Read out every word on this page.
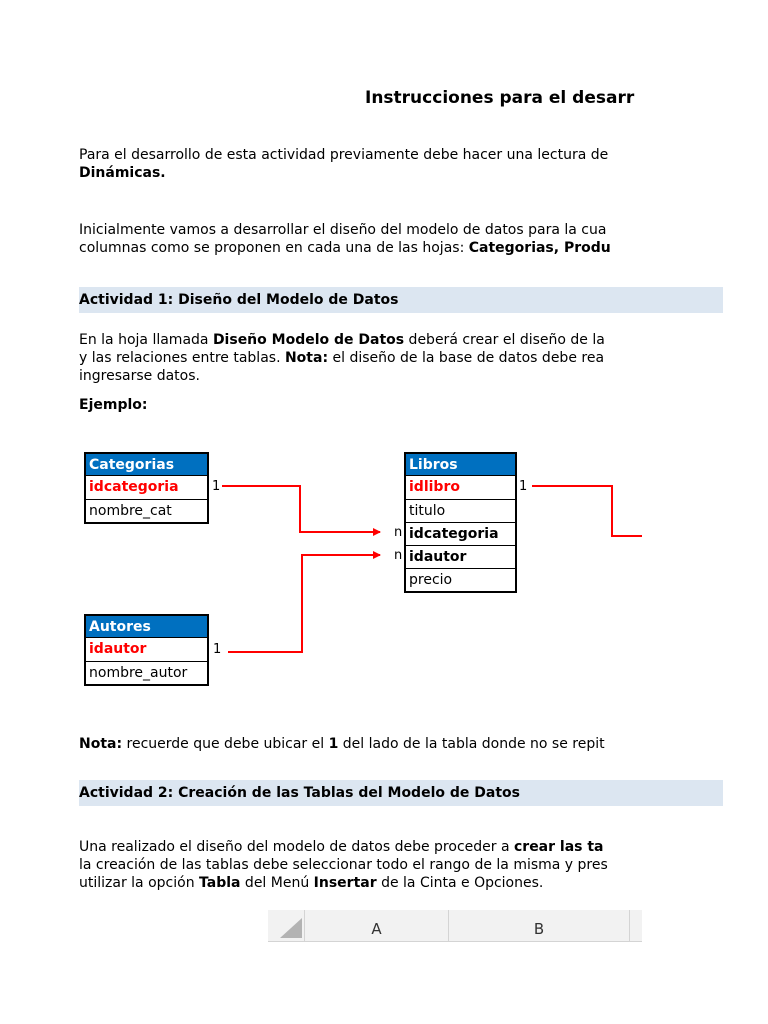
Instrucciones para el desarr
Para el desarrollo de esta actividad previamente debe hacer una lectura de
Dinámicas.
Inicialmente vamos a desarrollar el diseño del modelo de datos para la cua
columnas como se proponen en cada una de las hojas: Categorias, Produ
Actividad 1: Diseño del Modelo de Datos
En la hoja llamada Diseño Modelo de Datos deberá crear el diseño de la
y las relaciones entre tablas. Nota: el diseño de la base de datos debe rea
ingresarse datos.
Ejemplo:
Categorias
idcategoria
nombre_cat
1
Autores
idautor
nombre_autor
1
Libros
idlibro
titulo
idcategoria
idautor
precio
1
n
n
Nota: recuerde que debe ubicar el 1 del lado de la tabla donde no se repit
Actividad 2: Creación de las Tablas del Modelo de Datos
Una realizado el diseño del modelo de datos debe proceder a crear las ta
la creación de las tablas debe seleccionar todo el rango de la misma y pres
utilizar la opción Tabla del Menú Insertar de la Cinta e Opciones.
A	B
